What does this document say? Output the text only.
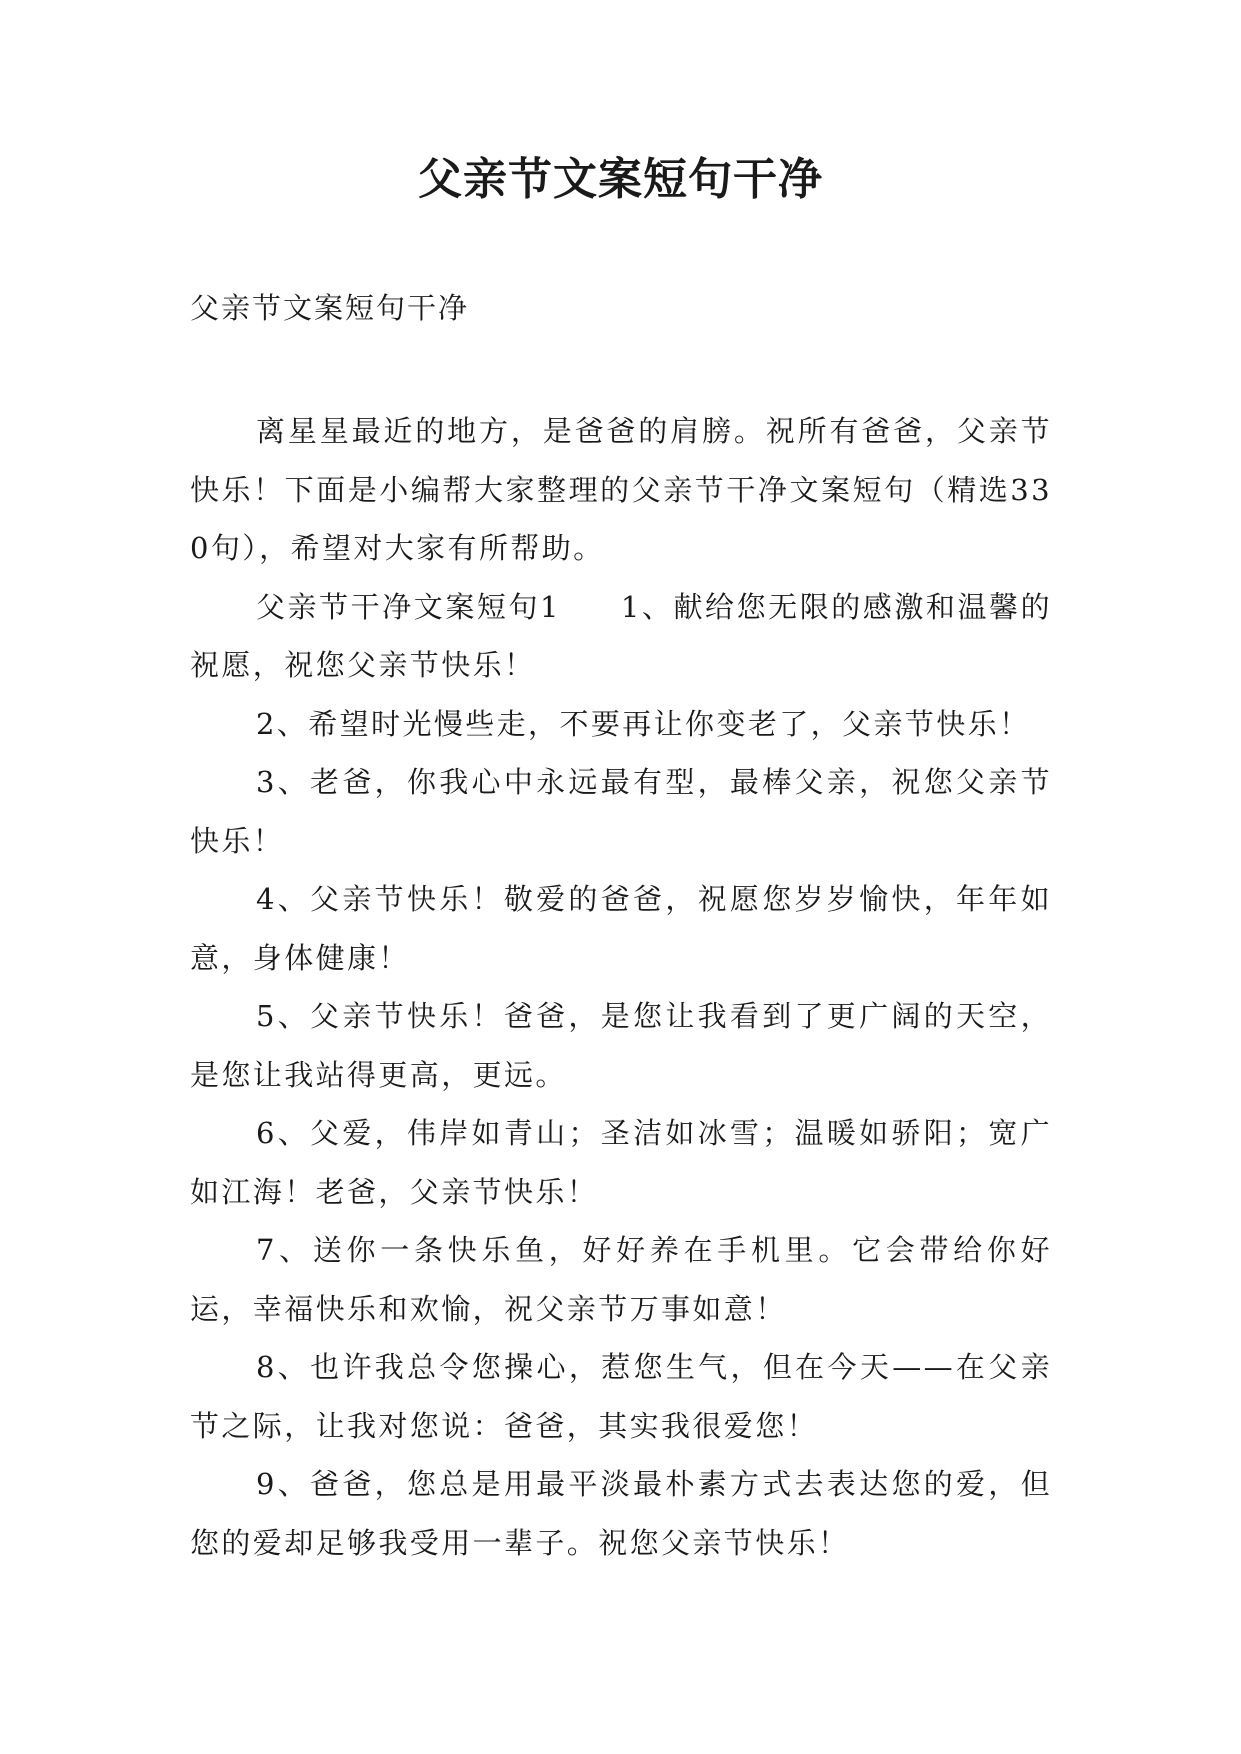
父亲节文案短句干净

父亲节文案短句干净

离星星最近的地方，是爸爸的肩膀。祝所有爸爸，父亲节快乐！下面是小编帮大家整理的父亲节干净文案短句（精选330句），希望对大家有所帮助。

父亲节干净文案短句1 1、献给您无限的感激和温馨的祝愿，祝您父亲节快乐！

2、希望时光慢些走，不要再让你变老了，父亲节快乐！

3、老爸，你我心中永远最有型，最棒父亲，祝您父亲节快乐！

4、父亲节快乐！敬爱的爸爸，祝愿您岁岁愉快，年年如意，身体健康！

5、父亲节快乐！爸爸，是您让我看到了更广阔的天空，是您让我站得更高，更远。

6、父爱，伟岸如青山；圣洁如冰雪；温暖如骄阳；宽广如江海！老爸，父亲节快乐！

7、送你一条快乐鱼，好好养在手机里。它会带给你好运，幸福快乐和欢愉，祝父亲节万事如意！

8、也许我总令您操心，惹您生气，但在今天——在父亲节之际，让我对您说：爸爸，其实我很爱您！

9、爸爸，您总是用最平淡最朴素方式去表达您的爱，但您的爱却足够我受用一辈子。祝您父亲节快乐！
